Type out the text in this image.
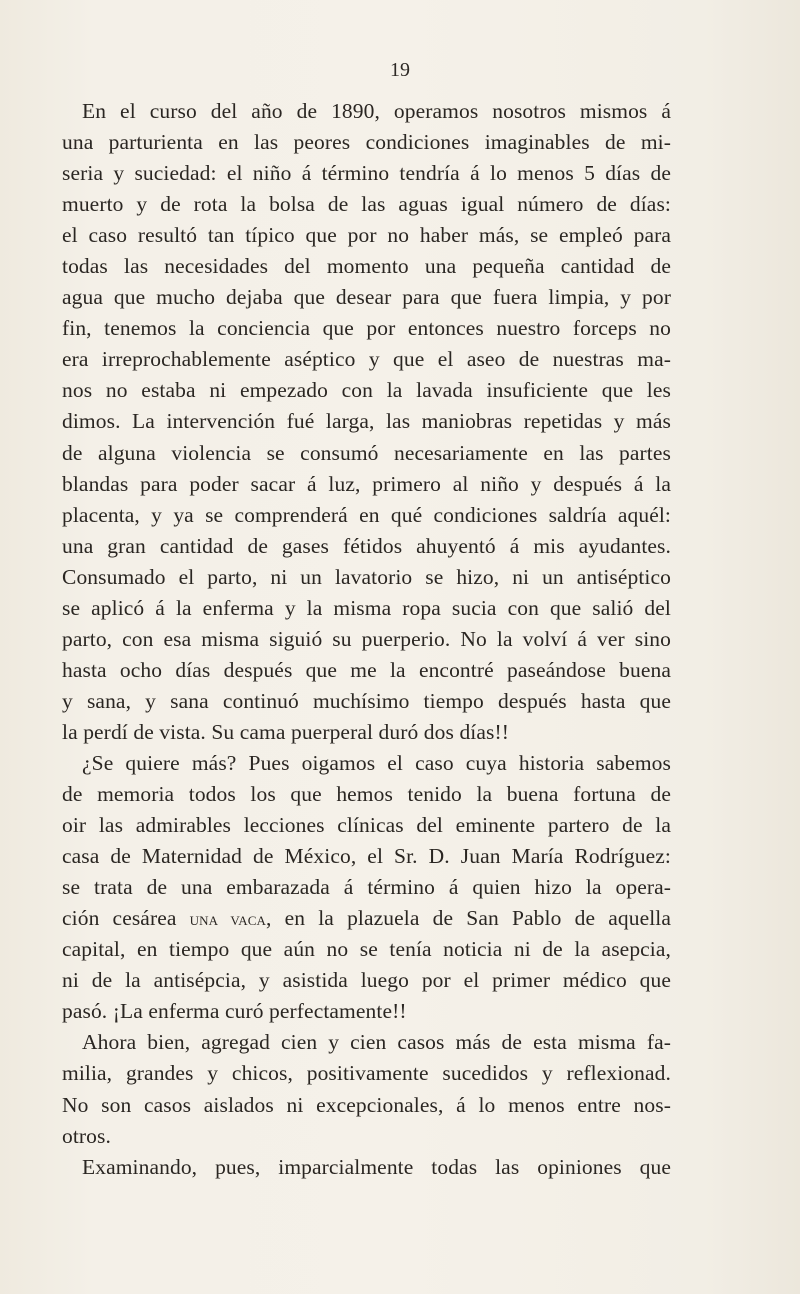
19
En el curso del año de 1890, operamos nosotros mismos á
una parturienta en las peores condiciones imaginables de mi-
seria y suciedad: el niño á término tendría á lo menos 5 días de
muerto y de rota la bolsa de las aguas igual número de días:
el caso resultó tan típico que por no haber más, se empleó para
todas las necesidades del momento una pequeña cantidad de
agua que mucho dejaba que desear para que fuera limpia, y por
fin, tenemos la conciencia que por entonces nuestro forceps no
era irreprochablemente aséptico y que el aseo de nuestras ma-
nos no estaba ni empezado con la lavada insuficiente que les
dimos. La intervención fué larga, las maniobras repetidas y más
de alguna violencia se consumó necesariamente en las partes
blandas para poder sacar á luz, primero al niño y después á la
placenta, y ya se comprenderá en qué condiciones saldría aquél:
una gran cantidad de gases fétidos ahuyentó á mis ayudantes.
Consumado el parto, ni un lavatorio se hizo, ni un antiséptico
se aplicó á la enferma y la misma ropa sucia con que salió del
parto, con esa misma siguió su puerperio. No la volví á ver sino
hasta ocho días después que me la encontré paseándose buena
y sana, y sana continuó muchísimo tiempo después hasta que
la perdí de vista. Su cama puerperal duró dos días!!
¿Se quiere más? Pues oigamos el caso cuya historia sabemos
de memoria todos los que hemos tenido la buena fortuna de
oir las admirables lecciones clínicas del eminente partero de la
casa de Maternidad de México, el Sr. D. Juan María Rodríguez:
se trata de una embarazada á término á quien hizo la opera-
ción cesárea una vaca, en la plazuela de San Pablo de aquella
capital, en tiempo que aún no se tenía noticia ni de la asepcia,
ni de la antisépcia, y asistida luego por el primer médico que
pasó. ¡La enferma curó perfectamente!!
Ahora bien, agregad cien y cien casos más de esta misma fa-
milia, grandes y chicos, positivamente sucedidos y reflexionad.
No son casos aislados ni excepcionales, á lo menos entre nos-
otros.
Examinando, pues, imparcialmente todas las opiniones que
